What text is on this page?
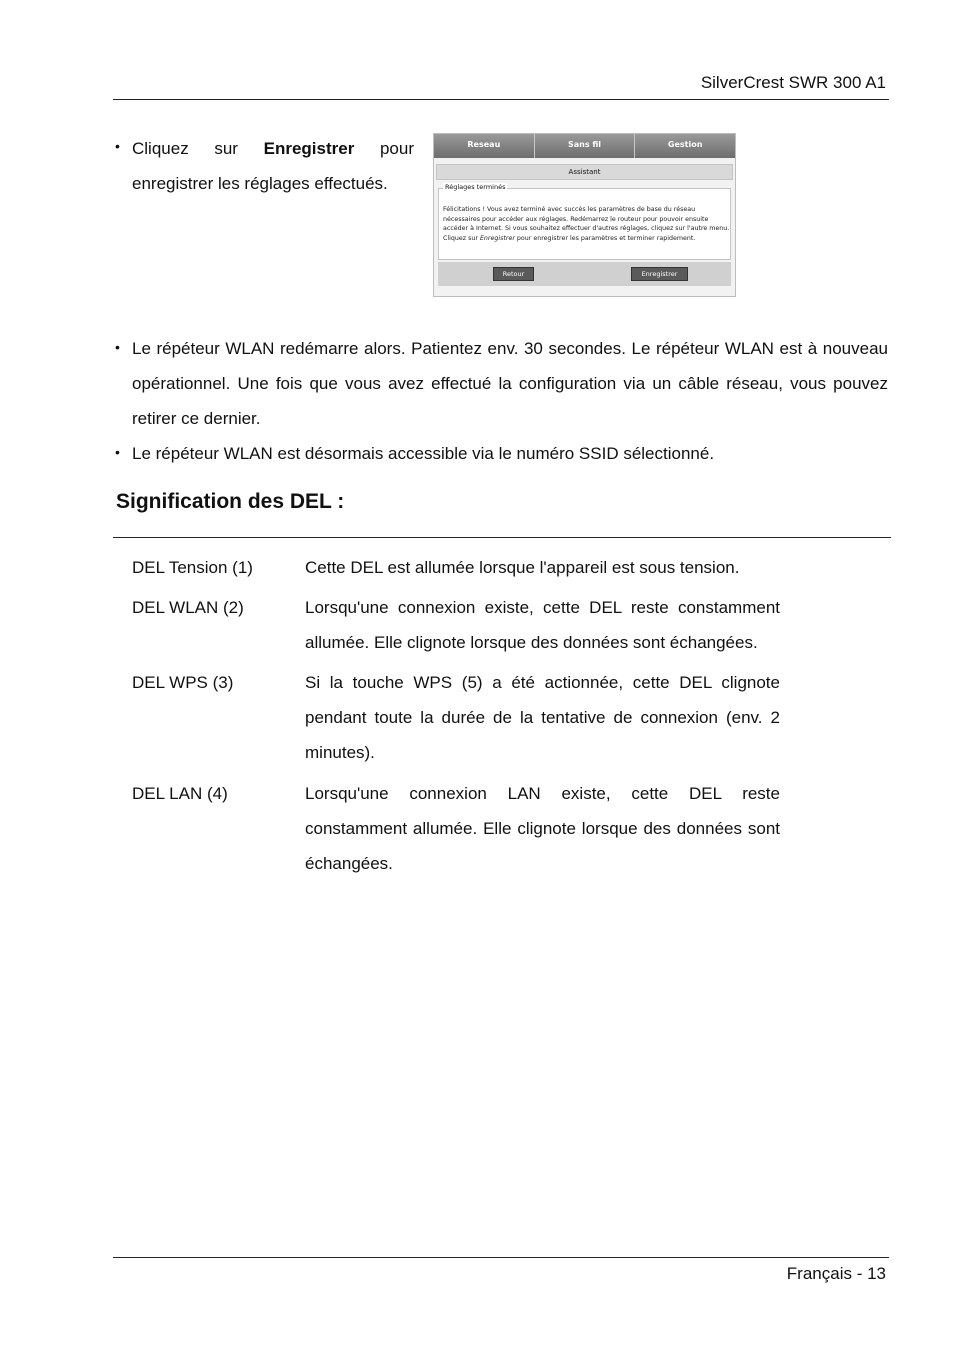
SilverCrest SWR 300 A1
• Cliquez sur Enregistrer pour enregistrer les réglages effectués.
Reseau	Sans fil	Gestion
Assistant
Réglages terminés
Félicitations ! Vous avez terminé avec succès les paramètres de base du réseau nécessaires pour accéder aux réglages. Redémarrez le routeur pour pouvoir ensuite accéder à Internet. Si vous souhaitez effectuer d'autres réglages, cliquez sur l'autre menu.
Cliquez sur Enregistrer pour enregistrer les paramètres et terminer rapidement.
Retour	Enregistrer
• Le répéteur WLAN redémarre alors. Patientez env. 30 secondes. Le répéteur WLAN est à nouveau opérationnel. Une fois que vous avez effectué la configuration via un câble réseau, vous pouvez retirer ce dernier.
• Le répéteur WLAN est désormais accessible via le numéro SSID sélectionné.
Signification des DEL :
DEL Tension (1)	Cette DEL est allumée lorsque l'appareil est sous tension.
DEL WLAN (2)	Lorsqu'une connexion existe, cette DEL reste constamment allumée. Elle clignote lorsque des données sont échangées.
DEL WPS (3)	Si la touche WPS (5) a été actionnée, cette DEL clignote pendant toute la durée de la tentative de connexion (env. 2 minutes).
DEL LAN (4)	Lorsqu'une connexion LAN existe, cette DEL reste constamment allumée. Elle clignote lorsque des données sont échangées.
Français - 13
